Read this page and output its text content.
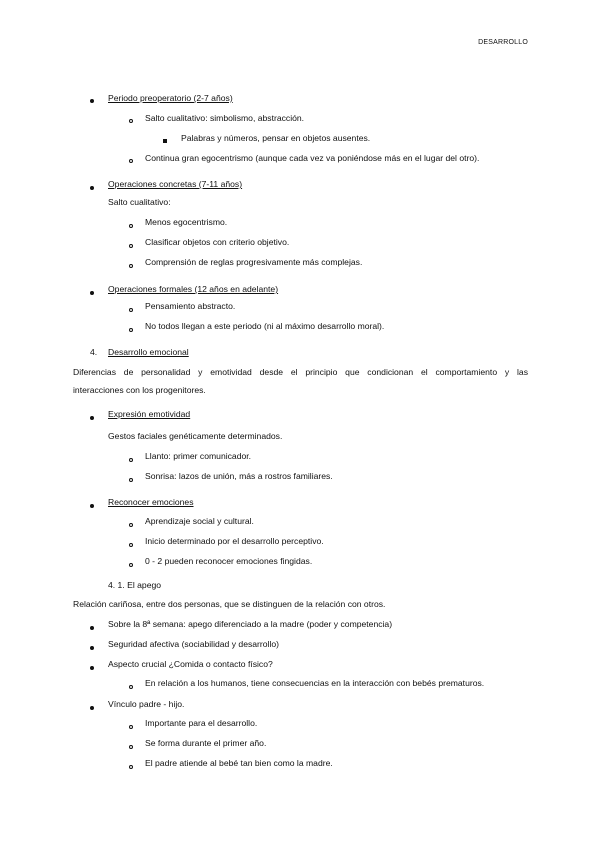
DESARROLLO
Periodo preoperatorio (2-7 años)
Salto cualitativo: simbolismo, abstracción.
Palabras y números, pensar en objetos ausentes.
Continua gran egocentrismo (aunque cada vez va poniéndose más en el lugar del otro).
Operaciones concretas (7-11 años)
Salto cualitativo:
Menos egocentrismo.
Clasificar objetos con criterio objetivo.
Comprensión de reglas progresivamente más complejas.
Operaciones formales (12 años en adelante)
Pensamiento abstracto.
No todos llegan a este periodo (ni al máximo desarrollo moral).
4. Desarrollo emocional
Diferencias de personalidad y emotividad desde el principio que condicionan el comportamiento y las
interacciones con los progenitores.
Expresión emotividad
Gestos faciales genéticamente determinados.
Llanto: primer comunicador.
Sonrisa: lazos de unión, más a rostros familiares.
Reconocer emociones
Aprendizaje social y cultural.
Inicio determinado por el desarrollo perceptivo.
0 - 2 pueden reconocer emociones fingidas.
4. 1. El apego
Relación cariñosa, entre dos personas, que se distinguen de la relación con otros.
Sobre la 8ª semana: apego diferenciado a la madre (poder y competencia)
Seguridad afectiva (sociabilidad y desarrollo)
Aspecto crucial ¿Comida o contacto físico?
En relación a los humanos, tiene consecuencias en la interacción con bebés prematuros.
Vínculo padre - hijo.
Importante para el desarrollo.
Se forma durante el primer año.
El padre atiende al bebé tan bien como la madre.
